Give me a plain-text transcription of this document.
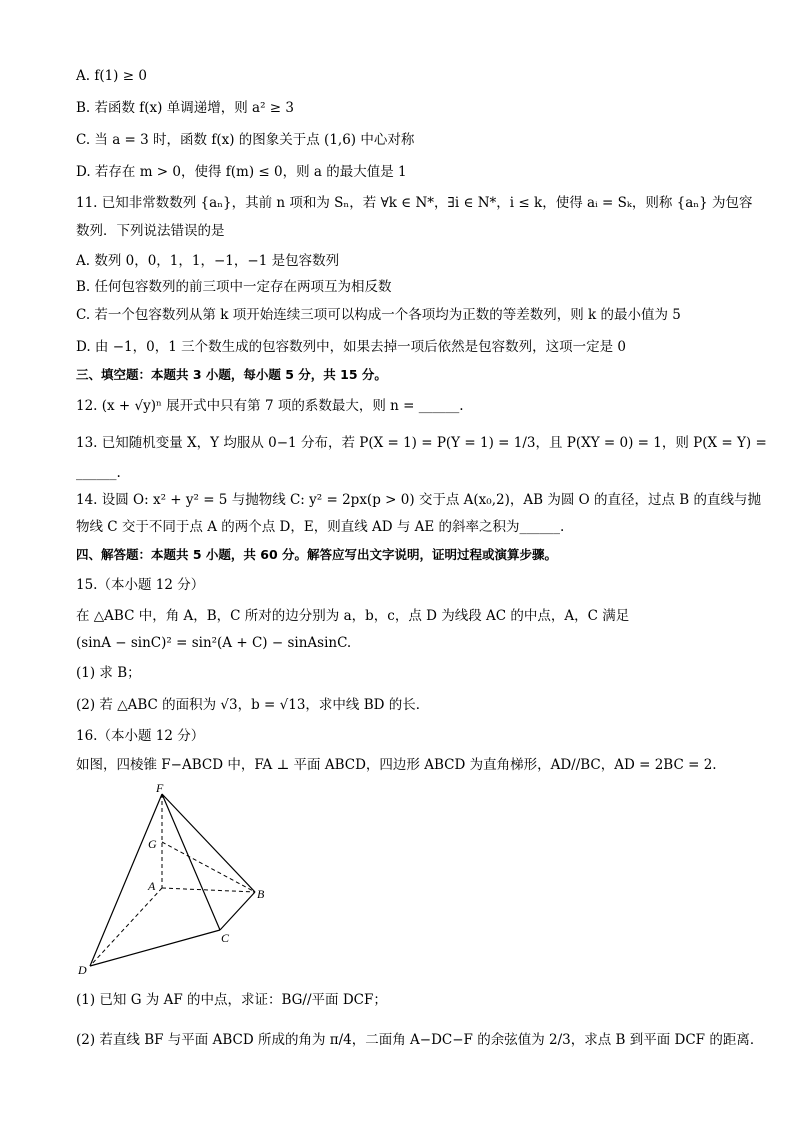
A. f(1) ≥ 0
B. 若函数 f(x) 单调递增，则 a² ≥ 3
C. 当 a = 3 时，函数 f(x) 的图象关于点 (1,6) 中心对称
D. 若存在 m > 0，使得 f(m) ≤ 0，则 a 的最大值是 1
11. 已知非常数数列 {aₙ}，其前 n 项和为 Sₙ，若 ∀k ∈ N*，∃i ∈ N*，i ≤ k，使得 aᵢ = Sₖ，则称 {aₙ} 为包容
数列．下列说法错误的是
A. 数列 0，0，1，1，−1，−1 是包容数列
B. 任何包容数列的前三项中一定存在两项互为相反数
C. 若一个包容数列从第 k 项开始连续三项可以构成一个各项均为正数的等差数列，则 k 的最小值为 5
D. 由 −1，0，1 三个数生成的包容数列中，如果去掉一项后依然是包容数列，这项一定是 0
三、填空题：本题共 3 小题，每小题 5 分，共 15 分。
12. (x + √y)ⁿ 展开式中只有第 7 项的系数最大，则 n = ______.
13. 已知随机变量 X，Y 均服从 0−1 分布，若 P(X = 1) = P(Y = 1) = 1/3，且 P(XY = 0) = 1，则 P(X = Y) =
______.
14. 设圆 O: x² + y² = 5 与抛物线 C: y² = 2px(p > 0) 交于点 A(x₀,2)，AB 为圆 O 的直径，过点 B 的直线与抛
物线 C 交于不同于点 A 的两个点 D，E，则直线 AD 与 AE 的斜率之积为______.
四、解答题：本题共 5 小题，共 60 分。解答应写出文字说明，证明过程或演算步骤。
15.（本小题 12 分）
在 △ABC 中，角 A，B，C 所对的边分别为 a，b，c，点 D 为线段 AC 的中点，A，C 满足
(sinA − sinC)² = sin²(A + C) − sinAsinC.
(1) 求 B；
(2) 若 △ABC 的面积为 √3，b = √13，求中线 BD 的长．
16.（本小题 12 分）
如图，四棱锥 F−ABCD 中，FA ⊥ 平面 ABCD，四边形 ABCD 为直角梯形，AD//BC，AD = 2BC = 2.
F
G
A
B
C
D
(1) 已知 G 为 AF 的中点，求证：BG//平面 DCF；
(2) 若直线 BF 与平面 ABCD 所成的角为 π/4，二面角 A−DC−F 的余弦值为 2/3，求点 B 到平面 DCF 的距离．
